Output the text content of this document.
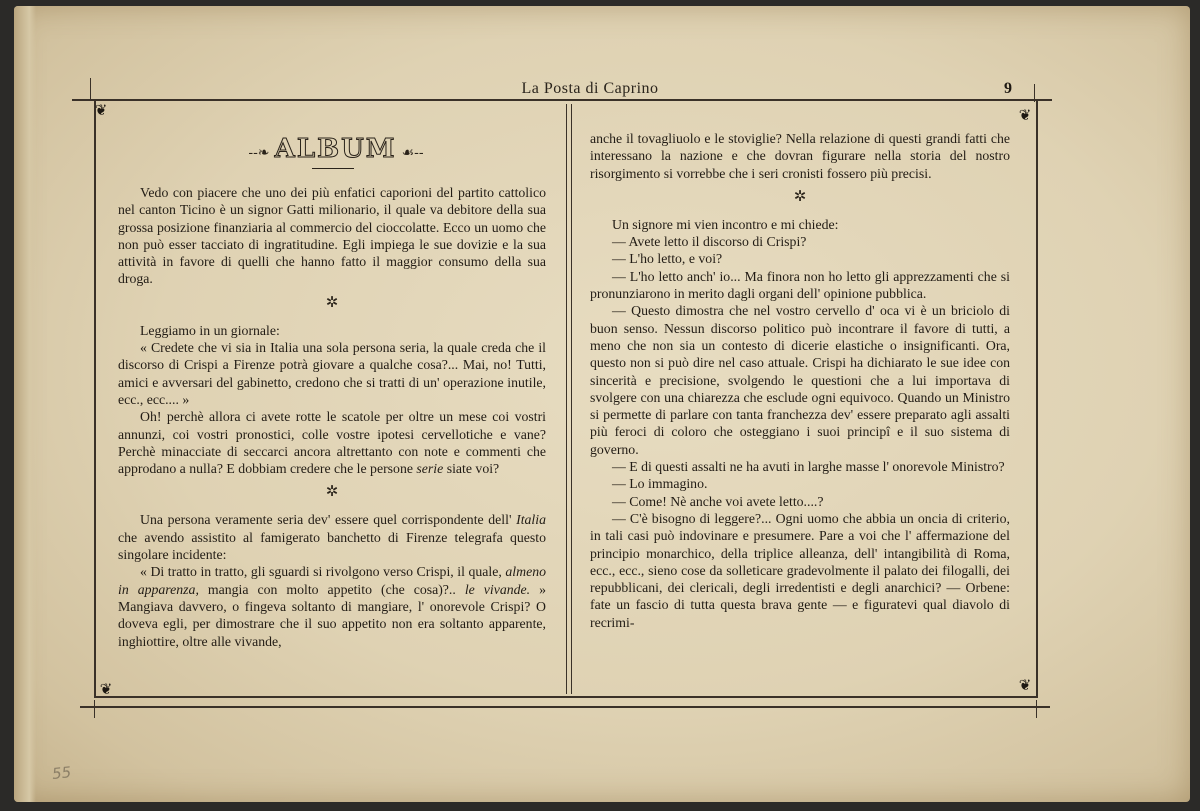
La Posta di Caprino	9
❦	❦
❦	❦
--❧ ALBUM ☙--

Vedo con piacere che uno dei più enfatici caporioni del partito cattolico nel canton Ticino è un signor Gatti milionario, il quale va debitore della sua grossa posizione finanziaria al commercio del cioccolatte. Ecco un uomo che non può esser tacciato di ingratitudine. Egli impiega le sue dovizie e la sua attività in favore di quelli che hanno fatto il maggior consumo della sua droga.

✲

Leggiamo in un giornale:

« Credete che vi sia in Italia una sola persona seria, la quale creda che il discorso di Crispi a Firenze potrà giovare a qualche cosa?... Mai, no! Tutti, amici e avversari del gabinetto, credono che si tratti di un' operazione inutile, ecc., ecc.... »

Oh! perchè allora ci avete rotte le scatole per oltre un mese coi vostri annunzi, coi vostri pronostici, colle vostre ipotesi cervellotiche e vane? Perchè minacciate di seccarci ancora altrettanto con note e commenti che approdano a nulla? E dobbiam credere che le persone serie siate voi?

✲

Una persona veramente seria dev' essere quel corrispondente dell' Italia che avendo assistito al famigerato banchetto di Firenze telegrafa questo singolare incidente:

« Di tratto in tratto, gli sguardi si rivolgono verso Crispi, il quale, almeno in apparenza, mangia con molto appetito (che cosa)?.. le vivande. » Mangiava davvero, o fingeva soltanto di mangiare, l' onorevole Crispi? O doveva egli, per dimostrare che il suo appetito non era soltanto apparente, inghiottire, oltre alle vivande,

anche il tovagliuolo e le stoviglie? Nella relazione di questi grandi fatti che interessano la nazione e che dovran figurare nella storia del nostro risorgimento si vorrebbe che i seri cronisti fossero più precisi.

✲

Un signore mi vien incontro e mi chiede:

— Avete letto il discorso di Crispi?

— L'ho letto, e voi?

— L'ho letto anch' io... Ma finora non ho letto gli apprezzamenti che si pronunziarono in merito dagli organi dell' opinione pubblica.

— Questo dimostra che nel vostro cervello d' oca vi è un briciolo di buon senso. Nessun discorso politico può incontrare il favore di tutti, a meno che non sia un contesto di dicerie elastiche o insignificanti. Ora, questo non si può dire nel caso attuale. Crispi ha dichiarato le sue idee con sincerità e precisione, svolgendo le questioni che a lui importava di svolgere con una chiarezza che esclude ogni equivoco. Quando un Ministro si permette di parlare con tanta franchezza dev' essere preparato agli assalti più feroci di coloro che osteggiano i suoi principî e il suo sistema di governo.

— E di questi assalti ne ha avuti in larghe masse l' onorevole Ministro?

— Lo immagino.

— Come! Nè anche voi avete letto....?

— C'è bisogno di leggere?... Ogni uomo che abbia un oncia di criterio, in tali casi può indovinare e presumere. Pare a voi che l' affermazione del principio monarchico, della triplice alleanza, dell' intangibilità di Roma, ecc., ecc., sieno cose da solleticare gradevolmente il palato dei filogalli, dei repubblicani, dei clericali, degli irredentisti e degli anarchici? — Orbene: fate un fascio di tutta questa brava gente — e figuratevi qual diavolo di recrimi-

55
